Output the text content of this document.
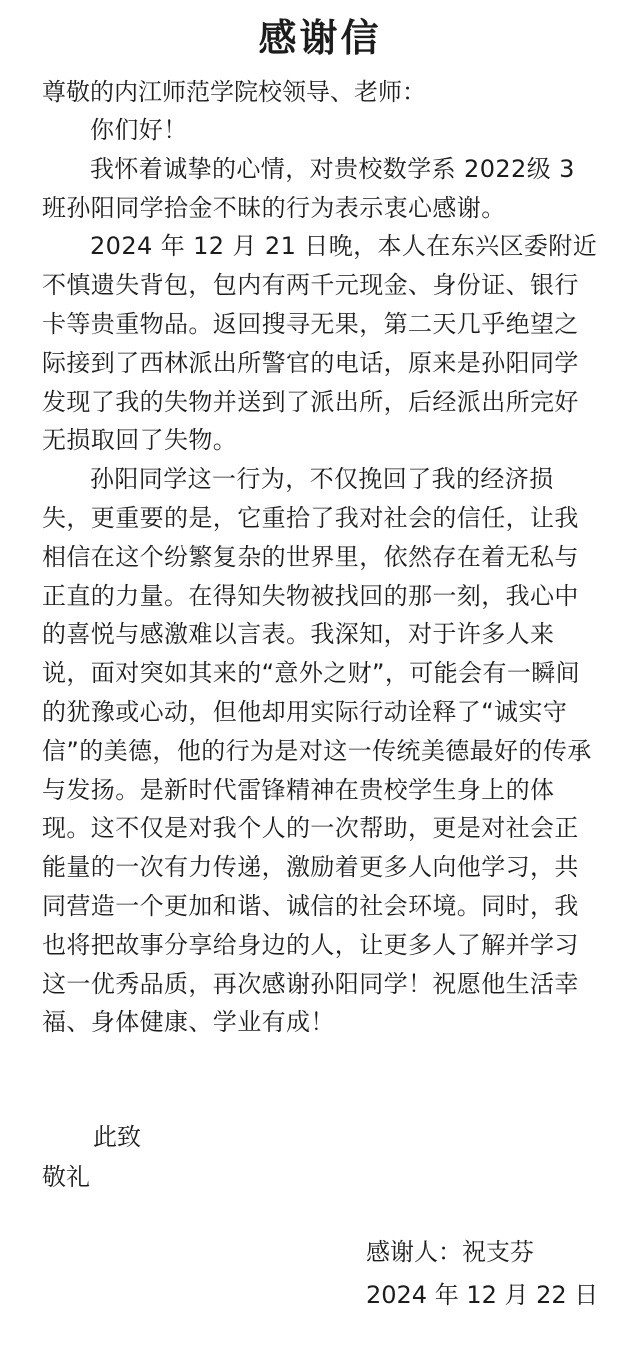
感谢信
尊敬的内江师范学院校领导、老师：

你们好！

我怀着诚挚的心情，对贵校数学系 2022级 3 班孙阳同学拾金不昧的行为表示衷心感谢。

2024 年 12 月 21 日晚，本人在东兴区委附近不慎遗失背包，包内有两千元现金、身份证、银行卡等贵重物品。返回搜寻无果，第二天几乎绝望之际接到了西林派出所警官的电话，原来是孙阳同学发现了我的失物并送到了派出所，后经派出所完好无损取回了失物。

孙阳同学这一行为，不仅挽回了我的经济损失，更重要的是，它重拾了我对社会的信任，让我相信在这个纷繁复杂的世界里，依然存在着无私与正直的力量。在得知失物被找回的那一刻，我心中的喜悦与感激难以言表。我深知，对于许多人来说，面对突如其来的“意外之财”，可能会有一瞬间的犹豫或心动，但他却用实际行动诠释了“诚实守信”的美德，他的行为是对这一传统美德最好的传承与发扬。是新时代雷锋精神在贵校学生身上的体现。这不仅是对我个人的一次帮助，更是对社会正能量的一次有力传递，激励着更多人向他学习，共同营造一个更加和谐、诚信的社会环境。同时，我也将把故事分享给身边的人，让更多人了解并学习这一优秀品质，再次感谢孙阳同学！祝愿他生活幸福、身体健康、学业有成！

此致
敬礼
感谢人：祝支芬
2024 年 12 月 22 日
